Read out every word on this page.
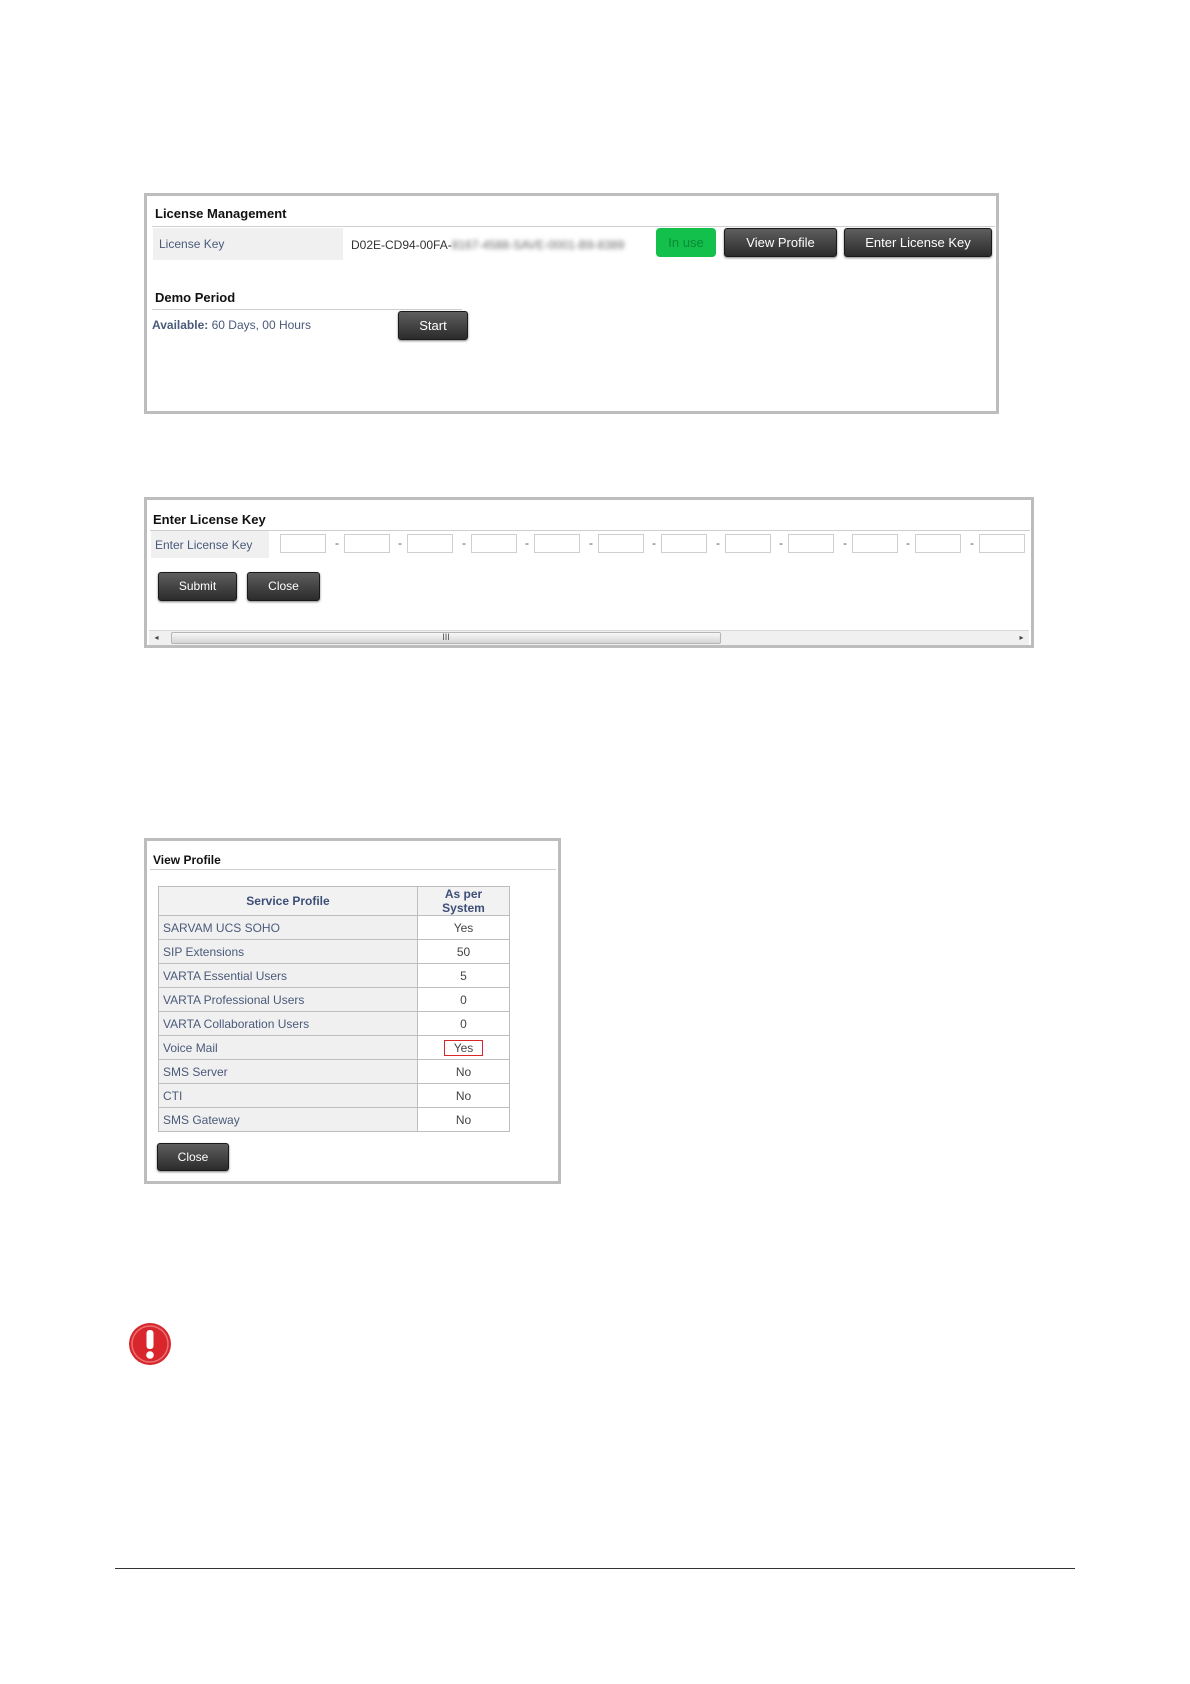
License Management
License Key	D02E-CD94-00FA-8167-4588-SAVE-0001-B9-8389	In use	View Profile	Enter License Key
Demo Period
Available: 60 Days, 00 Hours	Start
Enter License Key
Enter License Key	-	-	-	-	-	-	-	-	-	-	-
Submit	Close
◂	III	▸
View Profile
Service Profile	As per System
SARVAM UCS SOHO	Yes
SIP Extensions	50
VARTA Essential Users	5
VARTA Professional Users	0
VARTA Collaboration Users	0
Voice Mail	Yes
SMS Server	No
CTI	No
SMS Gateway	No
Close
